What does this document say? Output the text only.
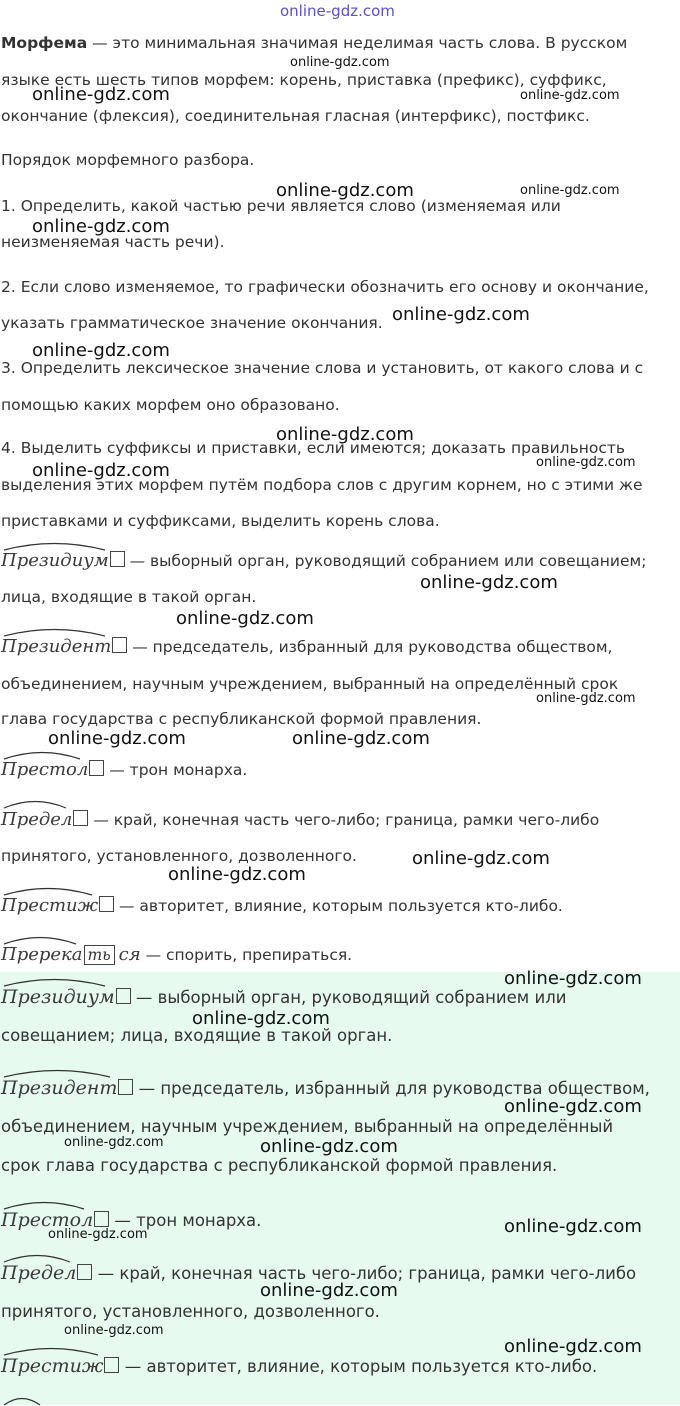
Морфема — это минимальная значимая неделимая часть слова. В русском

языке есть шесть типов морфем: корень, приставка (префикс), суффикс,

окончание (флексия), соединительная гласная (интерфикс), постфикс.

Порядок морфемного разбора.

1. Определить, какой частью речи является слово (изменяемая или

неизменяемая часть речи).

2. Если слово изменяемое, то графически обозначить его основу и окончание,

указать грамматическое значение окончания.

3. Определить лексическое значение слова и установить, от какого слова и с

помощью каких морфем оно образовано.

4. Выделить суффиксы и приставки, если имеются; доказать правильность

выделения этих морфем путём подбора слов с другим корнем, но с этими же

приставками и суффиксами, выделить корень слова.

Президиум — выборный орган, руководящий собранием или совещанием;

лица, входящие в такой орган.

Президент — председатель, избранный для руководства обществом,

объединением, научным учреждением, выбранный на определённый срок

глава государства с республиканской формой правления.

Престол — трон монарха.

Предел — край, конечная часть чего-либо; граница, рамки чего-либо

принятого, установленного, дозволенного.

Престиж — авторитет, влияние, которым пользуется кто-либо.

Пререка ть ся — спорить, препираться.

Президиум — выборный орган, руководящий собранием или

совещанием; лица, входящие в такой орган.

Президент — председатель, избранный для руководства обществом,

объединением, научным учреждением, выбранный на определённый

срок глава государства с республиканской формой правления.

Престол — трон монарха.

Предел — край, конечная часть чего-либо; граница, рамки чего-либо

принятого, установленного, дозволенного.

Престиж — авторитет, влияние, которым пользуется кто-либо.

online-gdz.com
online-gdz.com
online-gdz.com	online-gdz.com
online-gdz.com	online-gdz.com
online-gdz.com
online-gdz.com
online-gdz.com
online-gdz.com
online-gdz.com
online-gdz.com
online-gdz.com
online-gdz.com
online-gdz.com
online-gdz.com	online-gdz.com
online-gdz.com
online-gdz.com
online-gdz.com
online-gdz.com
online-gdz.com
online-gdz.com	online-gdz.com
online-gdz.com
online-gdz.com
online-gdz.com
online-gdz.com
online-gdz.com
